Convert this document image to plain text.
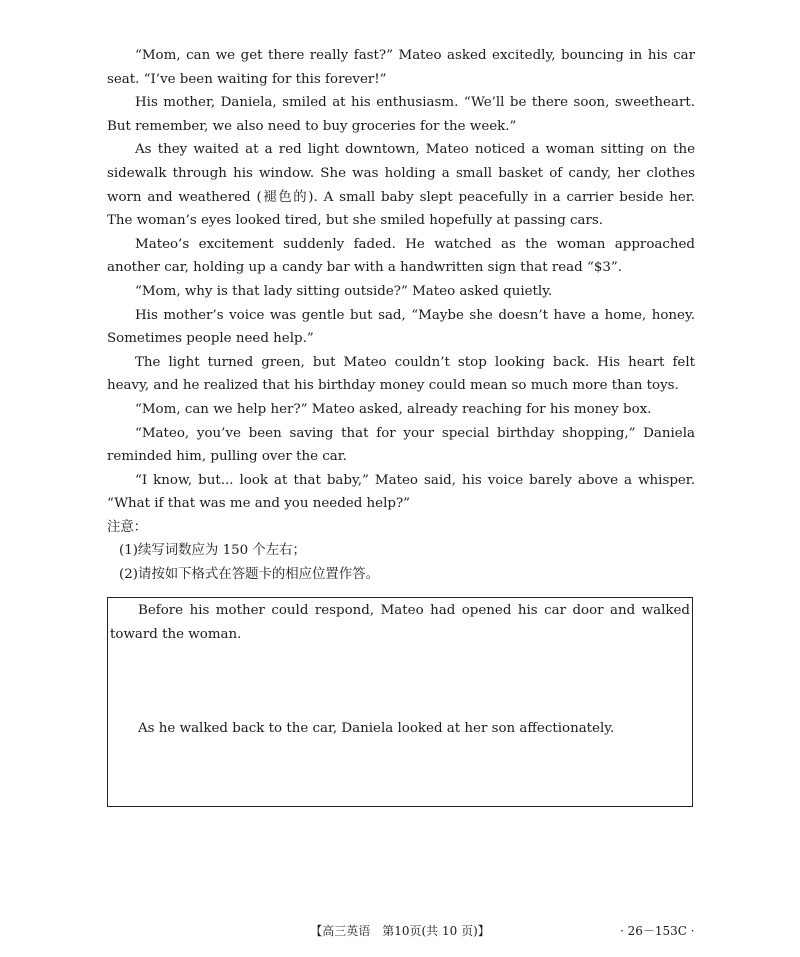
“Mom, can we get there really fast?” Mateo asked excitedly, bouncing in his car seat. “I’ve been waiting for this forever!”

His mother, Daniela, smiled at his enthusiasm. “We’ll be there soon, sweetheart. But remember, we also need to buy groceries for the week.”

As they waited at a red light downtown, Mateo noticed a woman sitting on the sidewalk through his window. She was holding a small basket of candy, her clothes worn and weathered (褪色的). A small baby slept peacefully in a carrier beside her. The woman’s eyes looked tired, but she smiled hopefully at passing cars.

Mateo’s excitement suddenly faded. He watched as the woman approached another car, holding up a candy bar with a handwritten sign that read “$3”.

“Mom, why is that lady sitting outside?” Mateo asked quietly.

His mother’s voice was gentle but sad, “Maybe she doesn’t have a home, honey. Sometimes people need help.”

The light turned green, but Mateo couldn’t stop looking back. His heart felt heavy, and he realized that his birthday money could mean so much more than toys.

“Mom, can we help her?” Mateo asked, already reaching for his money box.

“Mateo, you’ve been saving that for your special birthday shopping,” Daniela reminded him, pulling over the car.

“I know, but... look at that baby,” Mateo said, his voice barely above a whisper. “What if that was me and you needed help?”

注意：

(1)续写词数应为 150 个左右；

(2)请按如下格式在答题卡的相应位置作答。

Before his mother could respond, Mateo had opened his car door and walked toward the woman.

As he walked back to the car, Daniela looked at her son affectionately.

【高三英语　第10页(共 10 页)】	· 26－153C ·
